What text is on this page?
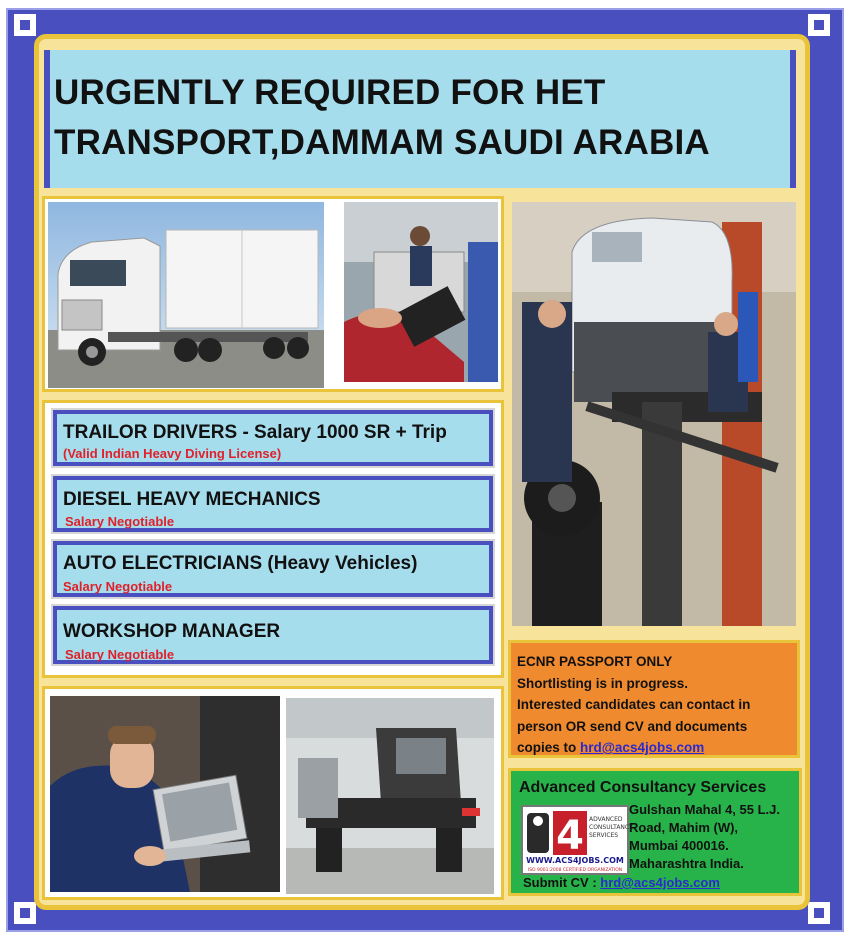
URGENTLY REQUIRED FOR HET
TRANSPORT,DAMMAM SAUDI ARABIA
TRAILOR DRIVERS - Salary 1000 SR + Trip
(Valid Indian Heavy Diving License)
DIESEL HEAVY MECHANICS
Salary Negotiable
AUTO ELECTRICIANS (Heavy Vehicles)
Salary Negotiable
WORKSHOP MANAGER
Salary Negotiable	ECNR PASSPORT ONLY
Shortlisting is in progress.
Interested candidates can contact in
person OR send CV and documents
copies to hrd@acs4jobs.com

Advanced Consultancy Services
4 ADVANCED
CONSULTANCY
SERVICES
WWW.ACS4JOBS.COM
ISO 9001:2008 CERTIFIED ORGANIZATION
Gulshan Mahal 4, 55 L.J.
Road, Mahim (W),
Mumbai 400016.
Maharashtra India.
Submit CV : hrd@acs4jobs.com
